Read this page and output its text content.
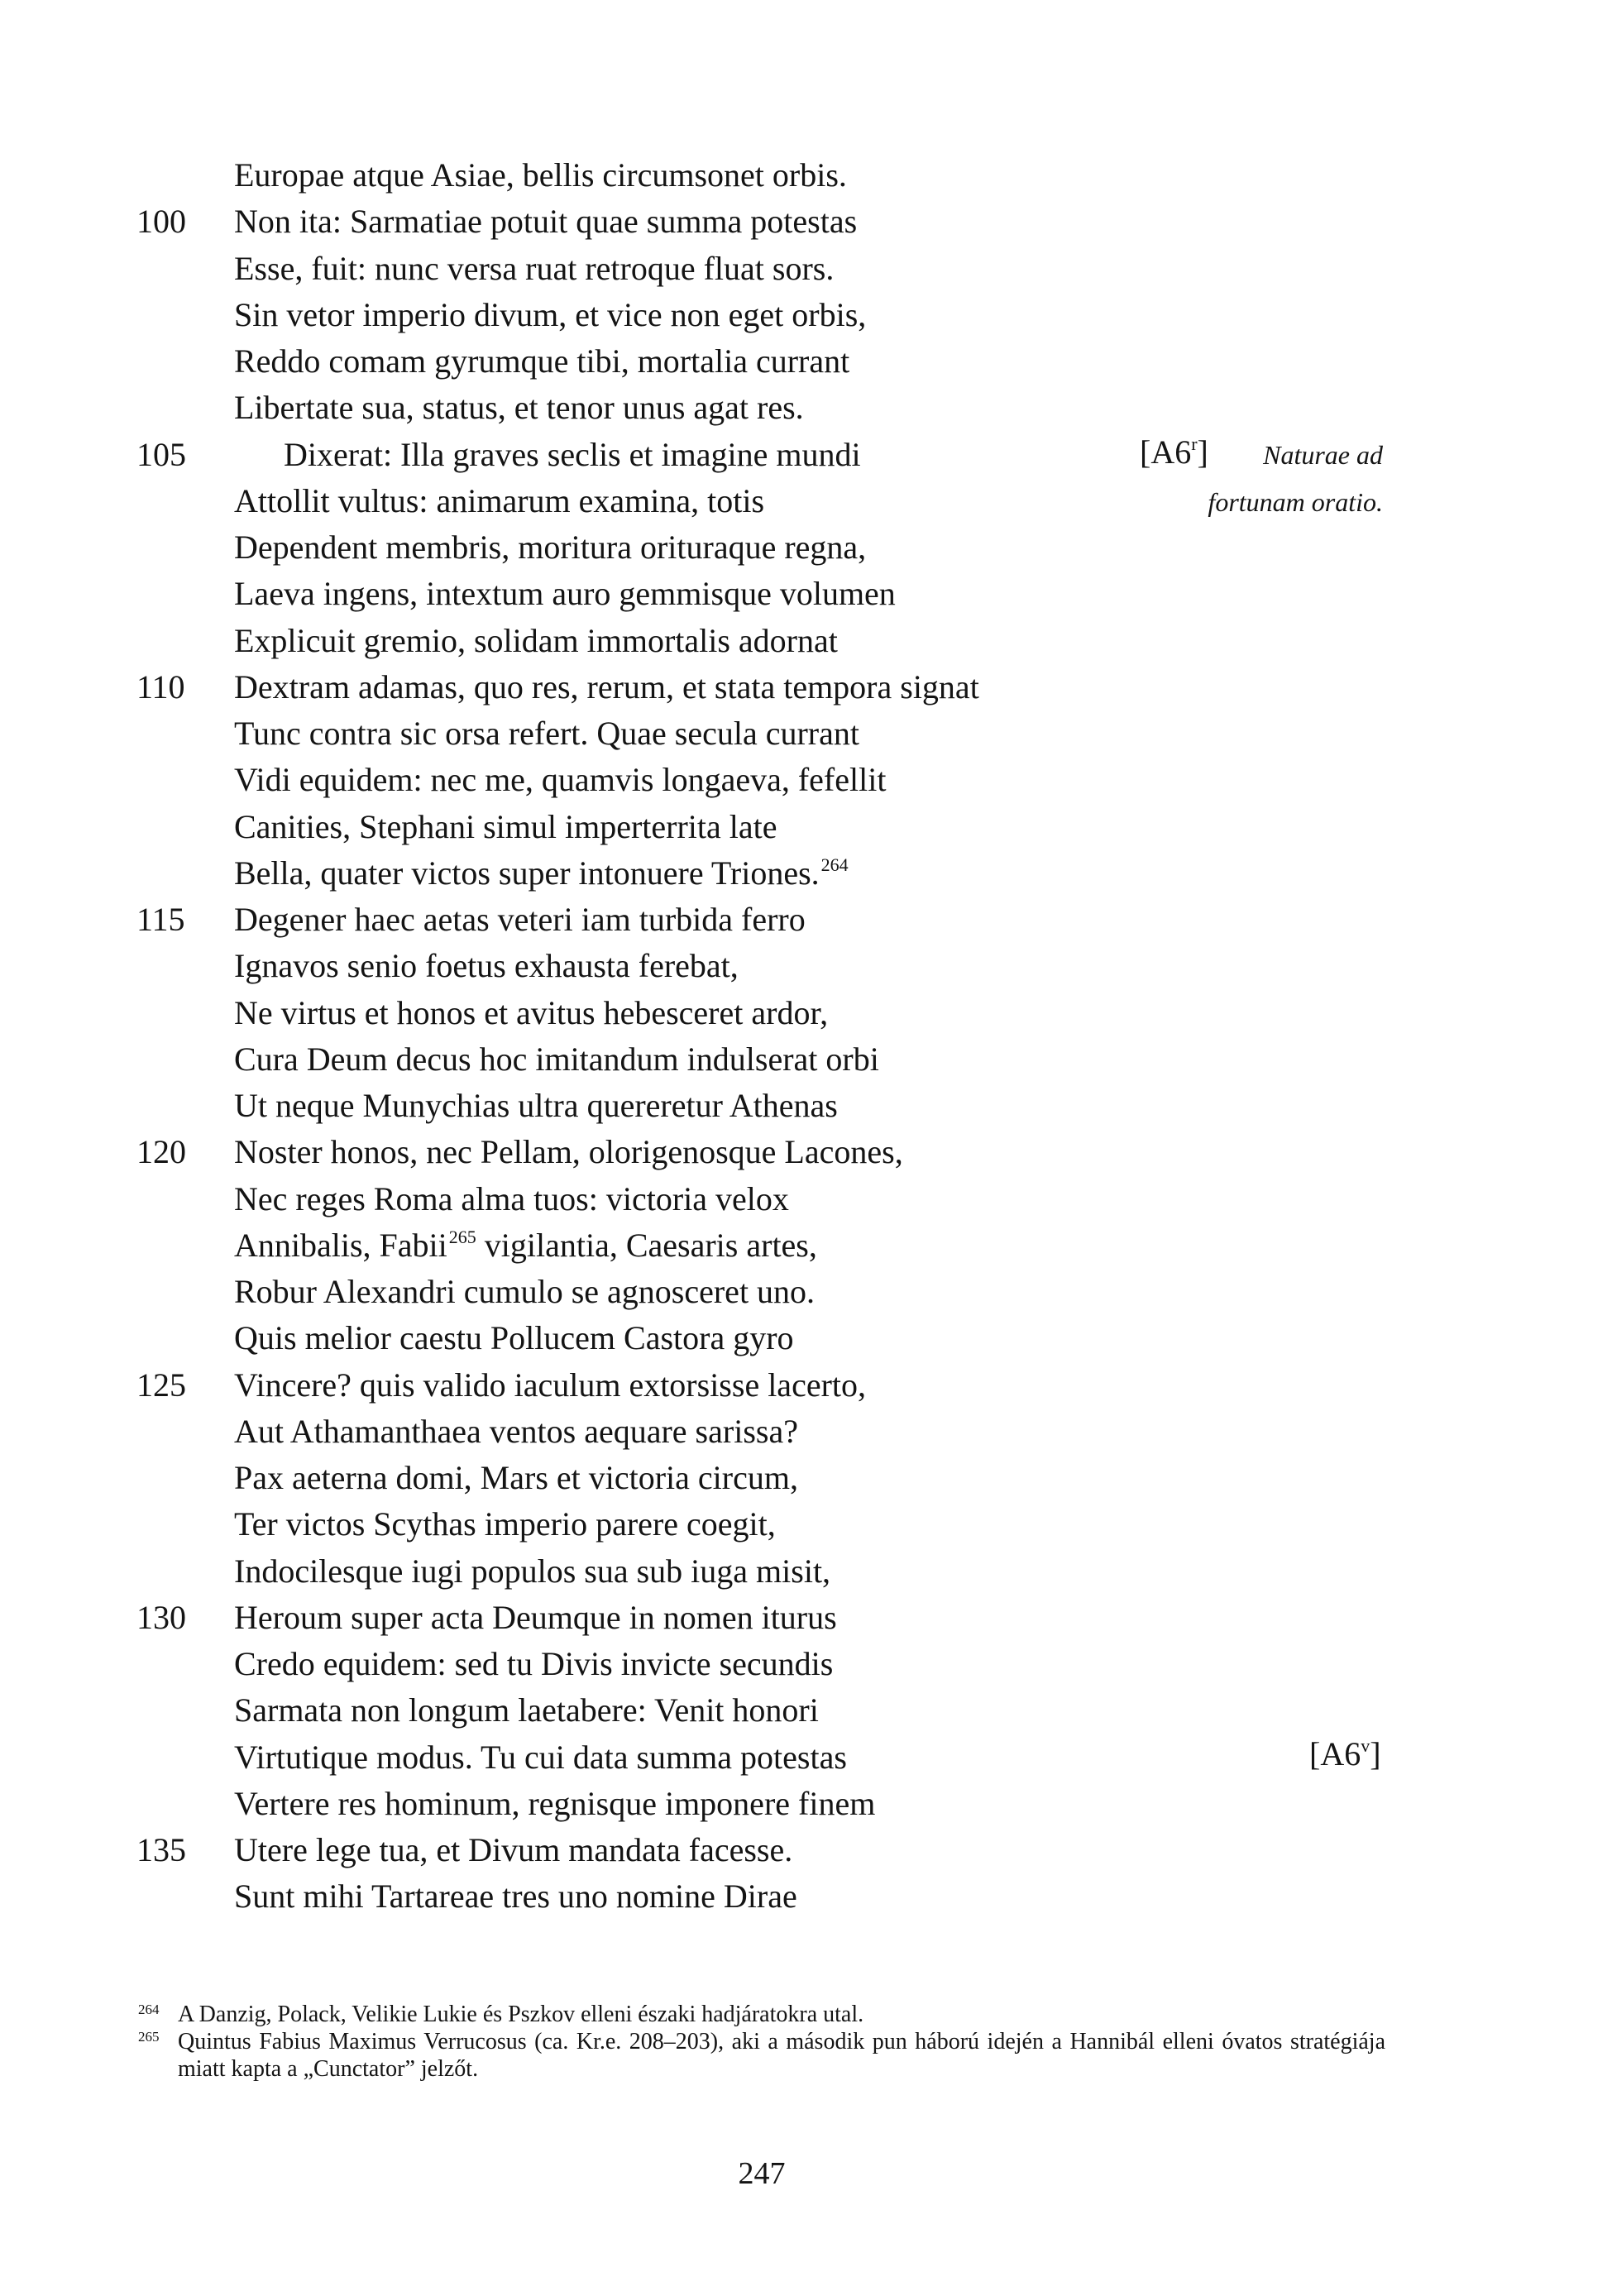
Europae atque Asiae, bellis circumsonet orbis.
100	Non ita: Sarmatiae potuit quae summa potestas
Esse, fuit: nunc versa ruat retroque fluat sors.
Sin vetor imperio divum, et vice non eget orbis,
Reddo comam gyrumque tibi, mortalia currant
Libertate sua, status, et tenor unus agat res.
105	Dixerat: Illa graves seclis et imagine mundi
Attollit vultus: animarum examina, totis
Dependent membris, moritura orituraque regna,
Laeva ingens, intextum auro gemmisque volumen
Explicuit gremio, solidam immortalis adornat
110	Dextram adamas, quo res, rerum, et stata tempora signat
Tunc contra sic orsa refert. Quae secula currant
Vidi equidem: nec me, quamvis longaeva, fefellit
Canities, Stephani simul imperterrita late
Bella, quater victos super intonuere Triones.$^{264}$
115	Degener haec aetas veteri iam turbida ferro
Ignavos senio foetus exhausta ferebat,
Ne virtus et honos et avitus hebesceret ardor,
Cura Deum decus hoc imitandum indulserat orbi
Ut neque Munychias ultra quereretur Athenas
120	Noster honos, nec Pellam, olorigenosque Lacones,
Nec reges Roma alma tuos: victoria velox
Annibalis, Fabii$^{265}$ vigilantia, Caesaris artes,
Robur Alexandri cumulo se agnosceret uno.
Quis melior caestu Pollucem Castora gyro
125	Vincere? quis valido iaculum extorsisse lacerto,
Aut Athamanthaea ventos aequare sarissa?
Pax aeterna domi, Mars et victoria circum,
Ter victos Scythas imperio parere coegit,
Indocilesque iugi populos sua sub iuga misit,
130	Heroum super acta Deumque in nomen iturus
Credo equidem: sed tu Divis invicte secundis
Sarmata non longum laetabere: Venit honori
Virtutique modus. Tu cui data summa potestas
Vertere res hominum, regnisque imponere finem
135	Utere lege tua, et Divum mandata facesse.
Sunt mihi Tartareae tres uno nomine Dirae
[A6$^r$]	Naturae ad
fortunam oratio.
[A6$^v$]
264 A Danzig, Polack, Velikie Lukie és Pszkov elleni északi hadjáratokra utal.
265 Quintus Fabius Maximus Verrucosus (ca. Kr.e. 208–203), aki a második pun háború idején a Hannibál elleni óvatos stratégiája miatt kapta a „Cunctator” jelzőt.
247
